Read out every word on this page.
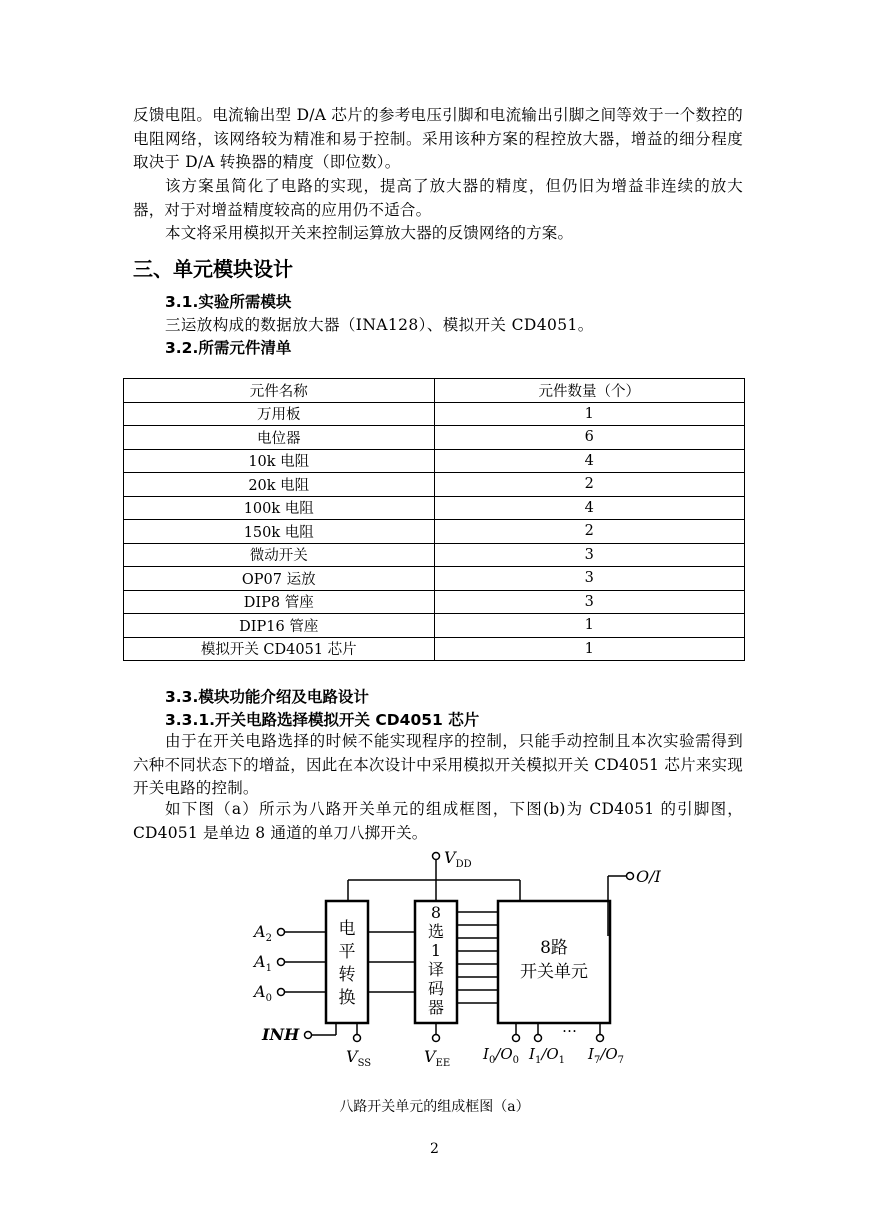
反馈电阻。电流输出型 D/A 芯片的参考电压引脚和电流输出引脚之间等效于一个数控的电阻网络，该网络较为精准和易于控制。采用该种方案的程控放大器，增益的细分程度取决于 D/A 转换器的精度（即位数）。
该方案虽简化了电路的实现，提高了放大器的精度，但仍旧为增益非连续的放大器，对于对增益精度较高的应用仍不适合。
本文将采用模拟开关来控制运算放大器的反馈网络的方案。
三、单元模块设计
3.1.实验所需模块
三运放构成的数据放大器（INA128）、模拟开关 CD4051。
3.2.所需元件清单
元件名称	元件数量（个）
万用板	1
电位器	6
10k 电阻	4
20k 电阻	2
100k 电阻	4
150k 电阻	2
微动开关	3
OP07 运放	3
DIP8 管座	3
DIP16 管座	1
模拟开关 CD4051 芯片	1
3.3.模块功能介绍及电路设计
3.3.1.开关电路选择模拟开关 CD4051 芯片
由于在开关电路选择的时候不能实现程序的控制，只能手动控制且本次实验需得到六种不同状态下的增益，因此在本次设计中采用模拟开关模拟开关 CD4051 芯片来实现开关电路的控制。
如下图（a）所示为八路开关单元的组成框图，下图(b)为 CD4051 的引脚图，CD4051 是单边 8 通道的单刀八掷开关。
$V_{DD}$
O/I
电
平
转
换
8
选
1
译
码
器
8路
开关单元
$A_2$
$A_1$
$A_0$
INH
$V_{SS}$	$V_{EE}$
…
$I_0/O_0$ $I_1/O_1$ $I_7/O_7$
八路开关单元的组成框图（a）
2
